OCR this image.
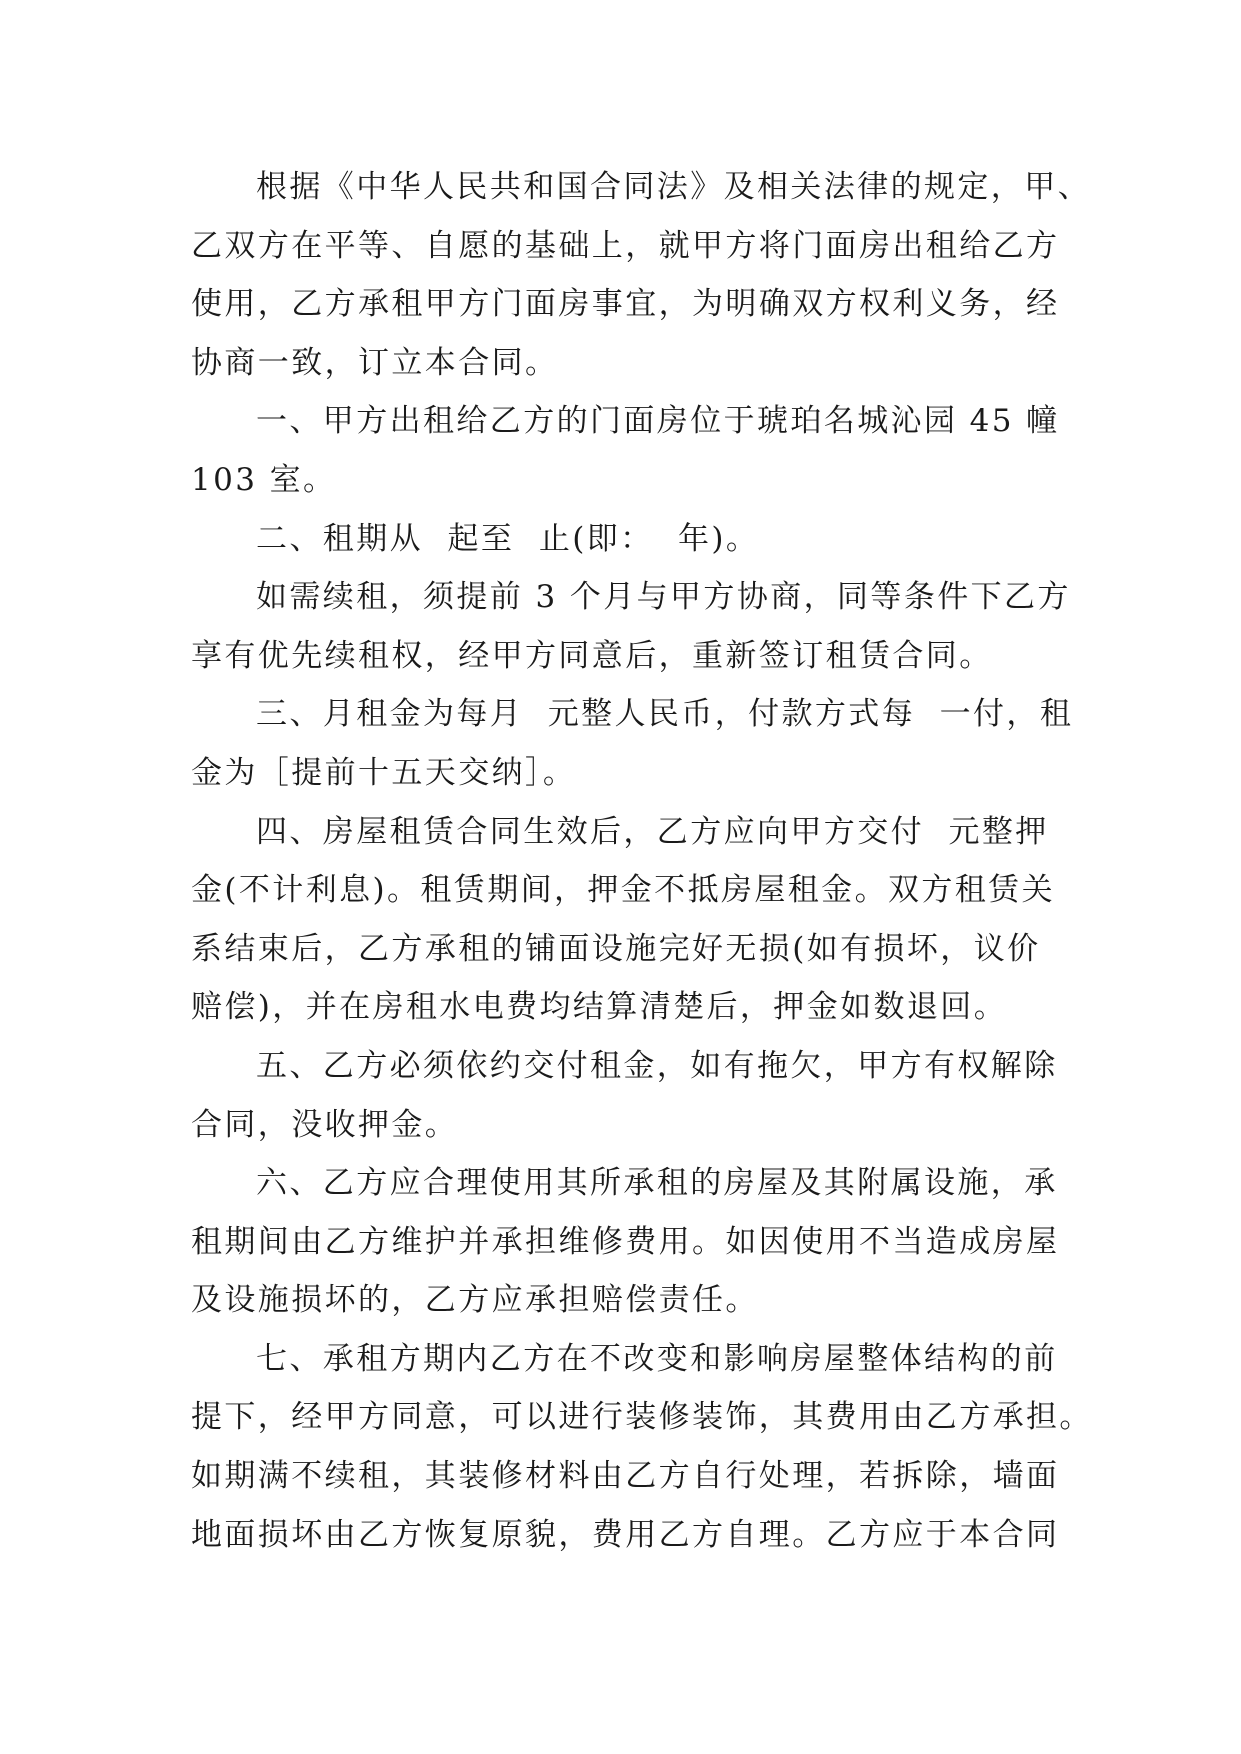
根据《中华人民共和国合同法》及相关法律的规定，甲、
乙双方在平等、自愿的基础上，就甲方将门面房出租给乙方
使用，乙方承租甲方门面房事宜，为明确双方权利义务，经
协商一致，订立本合同。
一、甲方出租给乙方的门面房位于琥珀名城沁园 45 幢
103 室。
二、租期从  起至  止(即：  年)。
如需续租，须提前 3 个月与甲方协商，同等条件下乙方
享有优先续租权，经甲方同意后，重新签订租赁合同。
三、月租金为每月  元整人民币，付款方式每  一付，租
金为［提前十五天交纳］。
四、房屋租赁合同生效后，乙方应向甲方交付  元整押
金(不计利息)。租赁期间，押金不抵房屋租金。双方租赁关
系结束后，乙方承租的铺面设施完好无损(如有损坏，议价
赔偿)，并在房租水电费均结算清楚后，押金如数退回。
五、乙方必须依约交付租金，如有拖欠，甲方有权解除
合同，没收押金。
六、乙方应合理使用其所承租的房屋及其附属设施，承
租期间由乙方维护并承担维修费用。如因使用不当造成房屋
及设施损坏的，乙方应承担赔偿责任。
七、承租方期内乙方在不改变和影响房屋整体结构的前
提下，经甲方同意，可以进行装修装饰，其费用由乙方承担。
如期满不续租，其装修材料由乙方自行处理，若拆除，墙面
地面损坏由乙方恢复原貌，费用乙方自理。乙方应于本合同
